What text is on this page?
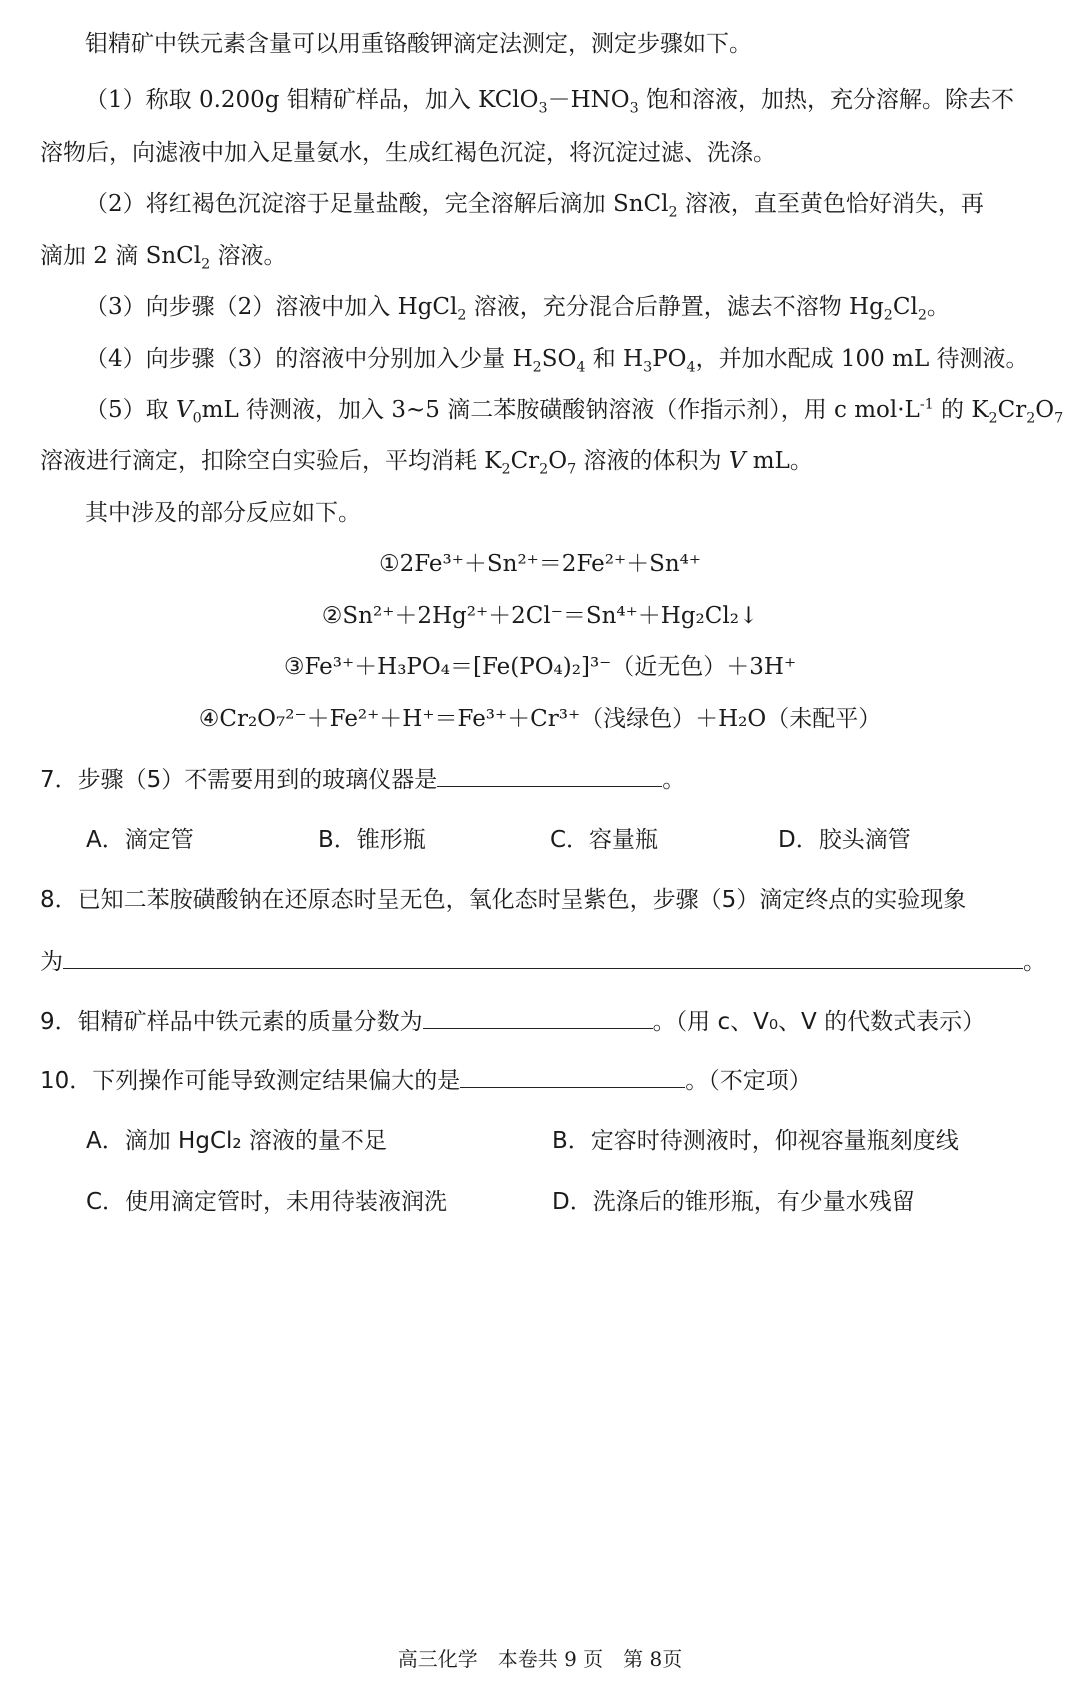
钼精矿中铁元素含量可以用重铬酸钾滴定法测定，测定步骤如下。
（1）称取 0.200g 钼精矿样品，加入 $KClO_3-HNO_3$ 饱和溶液，加热，充分溶解。除去不
溶物后，向滤液中加入足量氨水，生成红褐色沉淀，将沉淀过滤、洗涤。
（2）将红褐色沉淀溶于足量盐酸，完全溶解后滴加 SnCl$_2$ 溶液，直至黄色恰好消失，再
滴加 2 滴 SnCl$_2$ 溶液。
（3）向步骤（2）溶液中加入 HgCl$_2$ 溶液，充分混合后静置，滤去不溶物 $Hg_2Cl_2$。
（4）向步骤（3）的溶液中分别加入少量 $H_2SO_4$ 和 $H_3PO_4$，并加水配成 100 mL 待测液。
（5）取 $V_0mL$ 待测液，加入 3~5 滴二苯胺磺酸钠溶液（作指示剂），用 c $mol\cdot L^{-1}$ 的 $K_2Cr_2O_7$
溶液进行滴定，扣除空白实验后，平均消耗 $K_2Cr_2O_7$ 溶液的体积为 V mL。
其中涉及的部分反应如下。
①2Fe³⁺＋Sn²⁺＝2Fe²⁺＋Sn⁴⁺
②Sn²⁺＋2Hg²⁺＋2Cl⁻＝Sn⁴⁺＋Hg₂Cl₂↓
③Fe³⁺＋H₃PO₄＝[Fe(PO₄)₂]³⁻（近无色）＋3H⁺
④Cr₂O₇²⁻＋Fe²⁺＋H⁺＝Fe³⁺＋Cr³⁺（浅绿色）＋H₂O（未配平）
7．步骤（5）不需要用到的玻璃仪器是	。
A．滴定管	B．锥形瓶	C．容量瓶	D．胶头滴管
8．已知二苯胺磺酸钠在还原态时呈无色，氧化态时呈紫色，步骤（5）滴定终点的实验现象
为	。
9．钼精矿样品中铁元素的质量分数为	。（用 c、V₀、V 的代数式表示）
10．下列操作可能导致测定结果偏大的是	。（不定项）
A．滴加 HgCl₂ 溶液的量不足	B．定容时待测液时，仰视容量瓶刻度线
C．使用滴定管时，未用待装液润洗	D．洗涤后的锥形瓶，有少量水残留
高三化学　本卷共 9 页　第 8页
